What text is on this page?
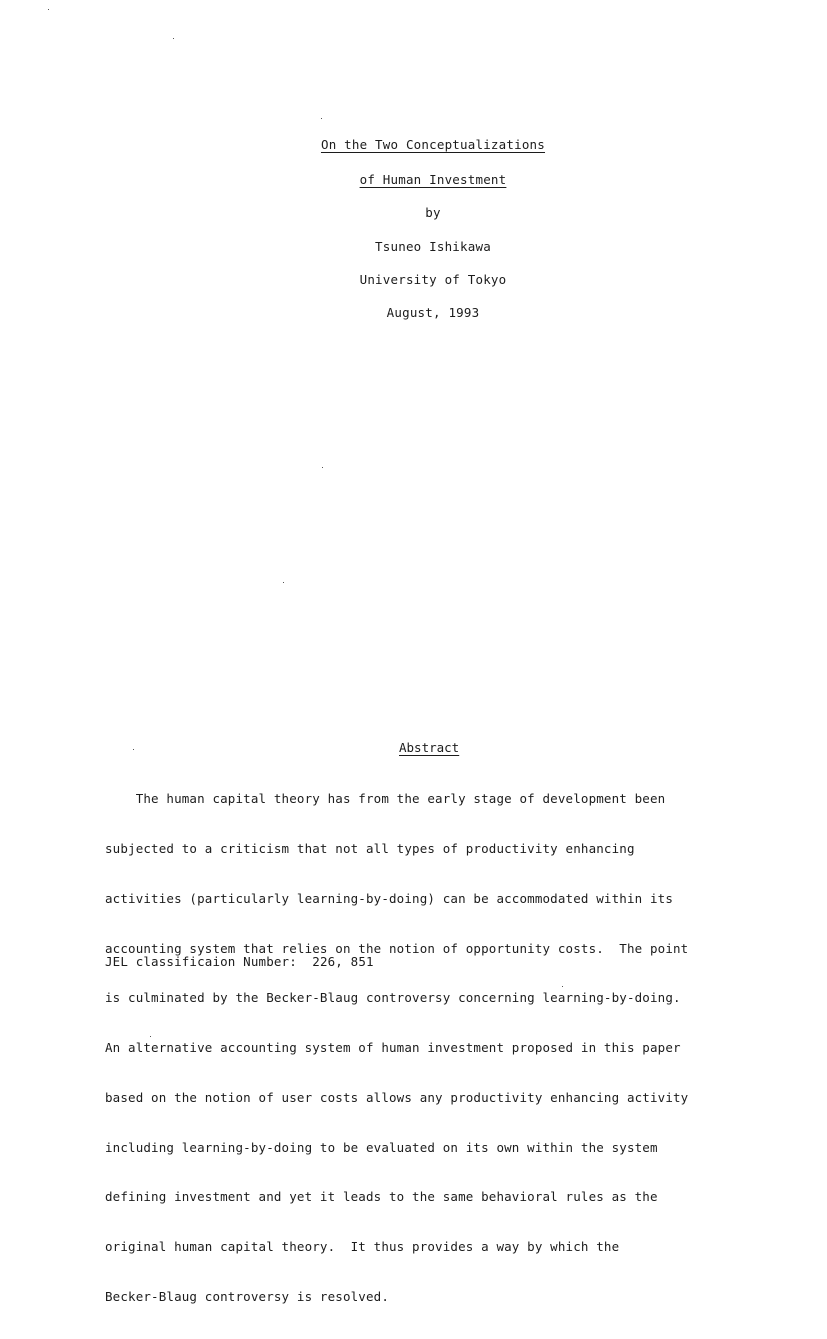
On the Two Conceptualizations
of Human Investment
by
Tsuneo Ishikawa
University of Tokyo
August, 1993
Abstract

The human capital theory has from the early stage of development been

subjected to a criticism that not all types of productivity enhancing

activities (particularly learning-by-doing) can be accommodated within its

accounting system that relies on the notion of opportunity costs.  The point

is culminated by the Becker-Blaug controversy concerning learning-by-doing.

An alternative accounting system of human investment proposed in this paper

based on the notion of user costs allows any productivity enhancing activity

including learning-by-doing to be evaluated on its own within the system

defining investment and yet it leads to the same behavioral rules as the

original human capital theory.  It thus provides a way by which the

Becker-Blaug controversy is resolved.

JEL classificaion Number: 226, 851
